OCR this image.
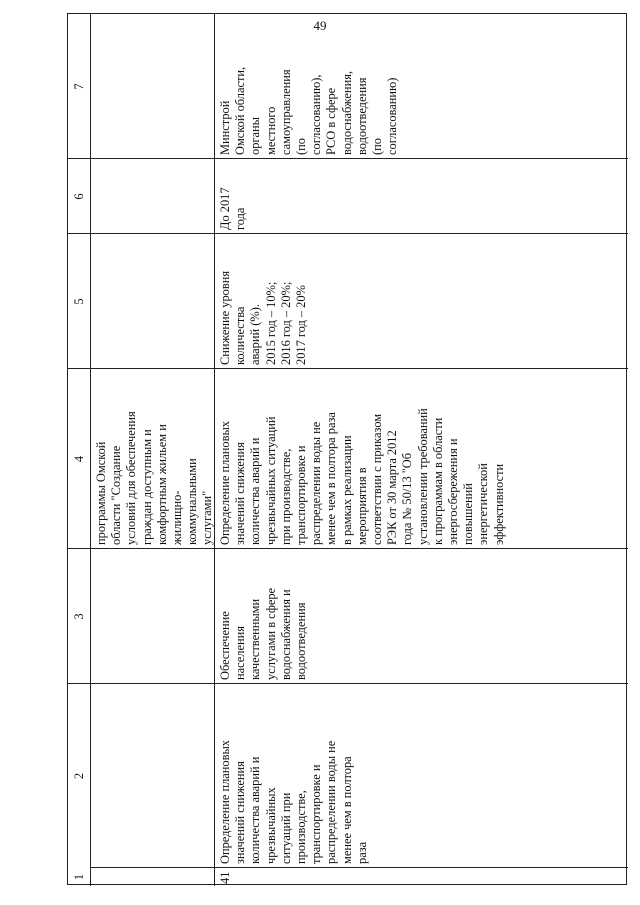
49
1
2
3
4
5
6
7
программы Омской
области "Создание
условий для обеспечения
граждан доступным и
комфортным жильем и
жилищно-
коммунальными
услугами"
41
Определение плановых
значений снижения
количества аварий и
чрезвычайных
ситуаций при
производстве,
транспортировке и
распределении воды не
менее чем в полтора
раза
Обеспечение
населения
качественными
услугами в сфере
водоснабжения и
водоотведения
Определение плановых
значений снижения
количества аварий и
чрезвычайных ситуаций
при производстве,
транспортировке и
распределении воды не
менее чем в полтора раза
в рамках реализации
мероприятия в
соответствии с приказом
РЭК от 30 марта 2012
года № 50/13 "Об
установлении требований
к программам в области
энергосбережения и
повышений
энергетической
эффективности
Снижение уровня
количества
аварий (%).
2015 год – 10%;
2016 год – 20%;
2017 год – 20%
До 2017
года
Минстрой
Омской области,
органы
местного
самоуправления
(по
согласованию),
РСО в сфере
водоснабжения,
водоотведения
(по
согласованию)
